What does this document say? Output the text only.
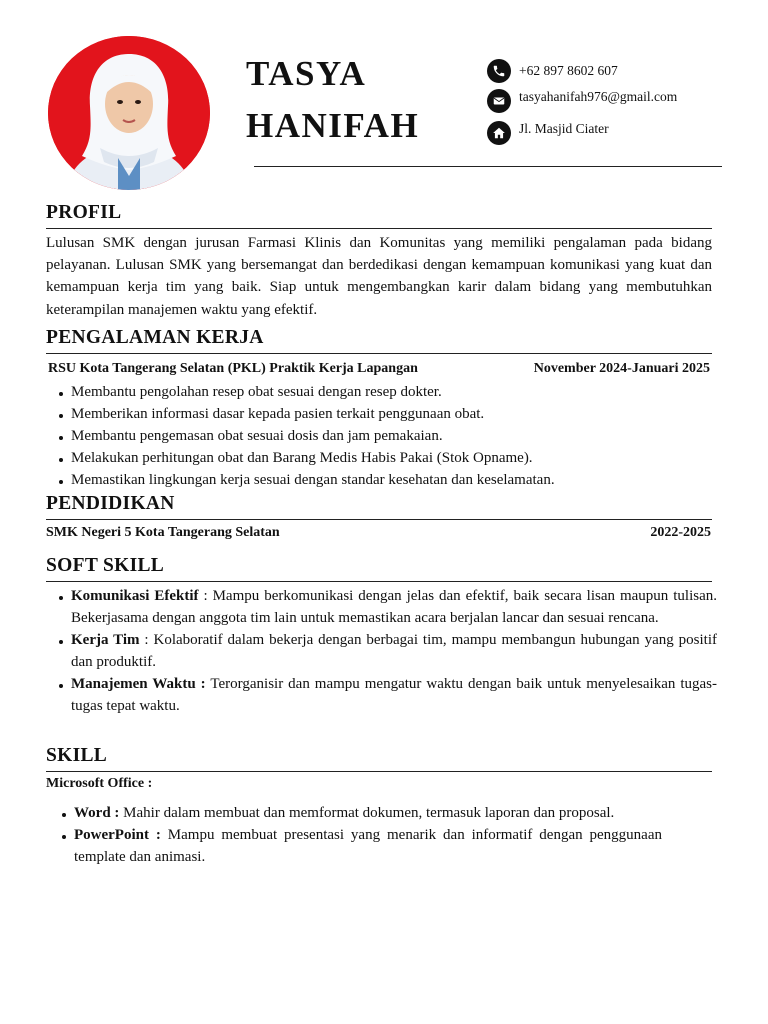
TASYA
HANIFAH
+62 897 8602 607
tasyahanifah976@gmail.com
Jl. Masjid Ciater
PROFIL
Lulusan SMK dengan jurusan Farmasi Klinis dan Komunitas yang memiliki pengalaman pada bidang pelayanan. Lulusan SMK yang bersemangat dan berdedikasi dengan kemampuan komunikasi yang kuat dan kemampuan kerja tim yang baik. Siap untuk mengembangkan karir dalam bidang yang membutuhkan keterampilan manajemen waktu yang efektif.
PENGALAMAN KERJA
RSU Kota Tangerang Selatan (PKL) Praktik Kerja Lapangan	November 2024-Januari 2025
Membantu pengolahan resep obat sesuai dengan resep dokter.
Memberikan informasi dasar kepada pasien terkait penggunaan obat.
Membantu pengemasan obat sesuai dosis dan jam pemakaian.
Melakukan perhitungan obat dan Barang Medis Habis Pakai (Stok Opname).
Memastikan lingkungan kerja sesuai dengan standar kesehatan dan keselamatan.
PENDIDIKAN
SMK Negeri 5 Kota Tangerang Selatan	2022-2025
SOFT SKILL
Komunikasi Efektif : Mampu berkomunikasi dengan jelas dan efektif, baik secara lisan maupun tulisan. Bekerjasama dengan anggota tim lain untuk memastikan acara berjalan lancar dan sesuai rencana.
Kerja Tim : Kolaboratif dalam bekerja dengan berbagai tim, mampu membangun hubungan yang positif dan produktif.
Manajemen Waktu : Terorganisir dan mampu mengatur waktu dengan baik untuk menyelesaikan tugas-tugas tepat waktu.
SKILL
Microsoft Office :
Word : Mahir dalam membuat dan memformat dokumen, termasuk laporan dan proposal.
PowerPoint : Mampu membuat presentasi yang menarik dan informatif dengan penggunaan template dan animasi.
